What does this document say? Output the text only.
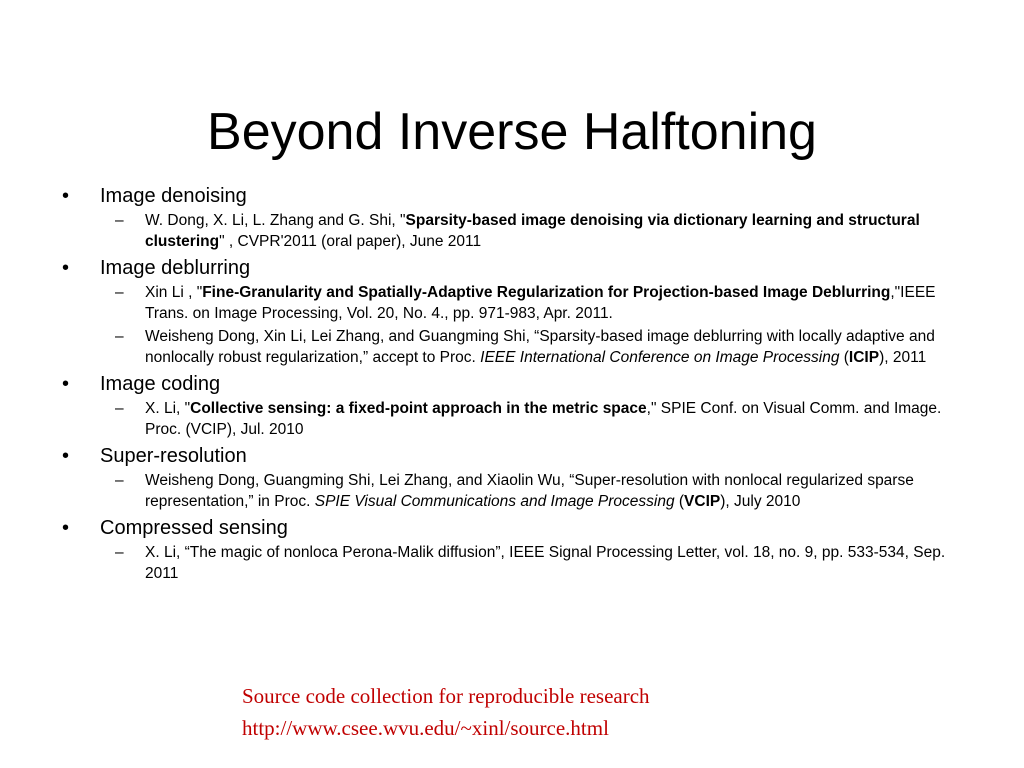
Beyond Inverse Halftoning
• Image denoising
– W. Dong, X. Li, L. Zhang and G. Shi, "Sparsity-based image denoising via dictionary learning and structural clustering" , CVPR'2011 (oral paper), June 2011
• Image deblurring
– Xin Li , "Fine-Granularity and Spatially-Adaptive Regularization for Projection-based Image Deblurring,"IEEE Trans. on Image Processing, Vol. 20, No. 4., pp. 971-983, Apr. 2011.
– Weisheng Dong, Xin Li, Lei Zhang, and Guangming Shi, “Sparsity-based image deblurring with locally adaptive and nonlocally robust regularization,” accept to Proc. IEEE International Conference on Image Processing (ICIP), 2011
• Image coding
– X. Li, "Collective sensing: a fixed-point approach in the metric space," SPIE Conf. on Visual Comm. and Image. Proc. (VCIP), Jul. 2010
• Super-resolution
– Weisheng Dong, Guangming Shi, Lei Zhang, and Xiaolin Wu, “Super-resolution with nonlocal regularized sparse representation,” in Proc. SPIE Visual Communications and Image Processing (VCIP), July 2010
• Compressed sensing
– X. Li, “The magic of nonloca Perona-Malik diffusion”, IEEE Signal Processing Letter, vol. 18, no. 9, pp. 533-534, Sep. 2011
Source code collection for reproducible research
http://www.csee.wvu.edu/~xinl/source.html
